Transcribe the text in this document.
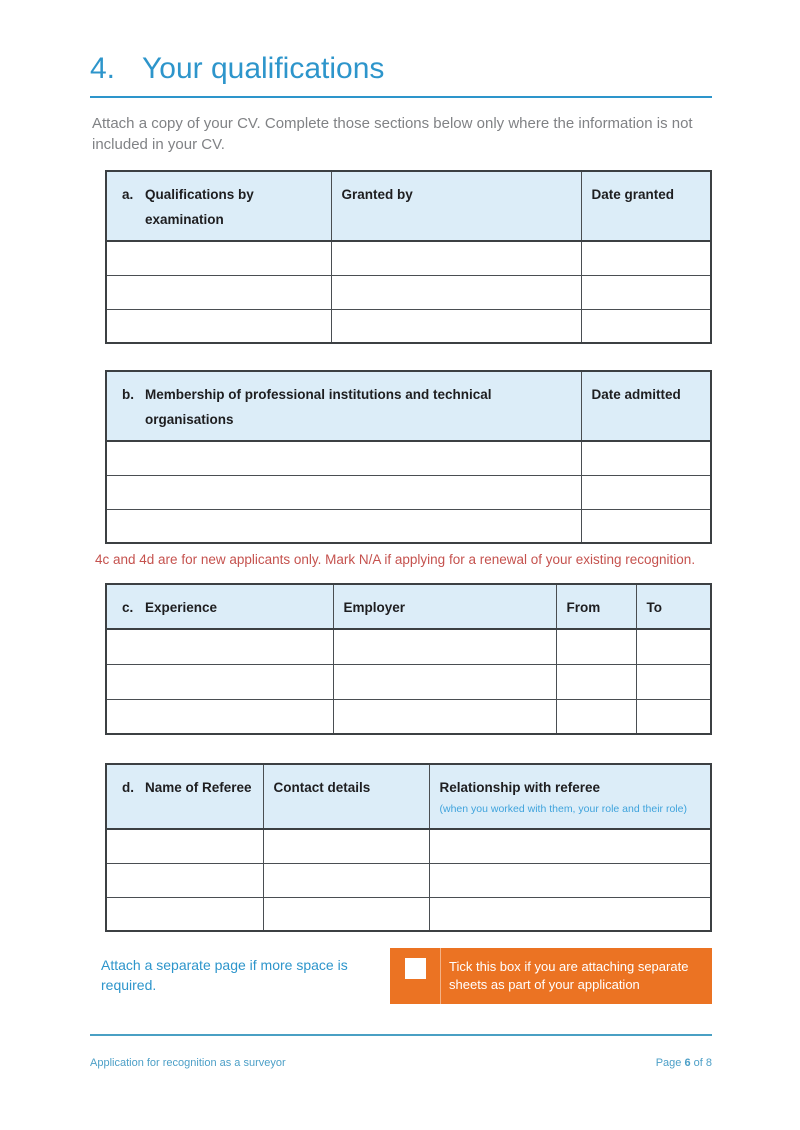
4. Your qualifications

Attach a copy of your CV. Complete those sections below only where the information is not included in your CV.

a. Qualifications by examination	Granted by	Date granted

b. Membership of professional institutions and technical organisations	Date admitted

4c and 4d are for new applicants only. Mark N/A if applying for a renewal of your existing recognition.

c. Experience	Employer	From	To

d. Name of Referee	Contact details	Relationship with referee
(when you worked with them, your role and their role)

Attach a separate page if more space is required.

Tick this box if you are attaching separate sheets as part of your application
Application for recognition as a surveyor	Page 6 of 8
